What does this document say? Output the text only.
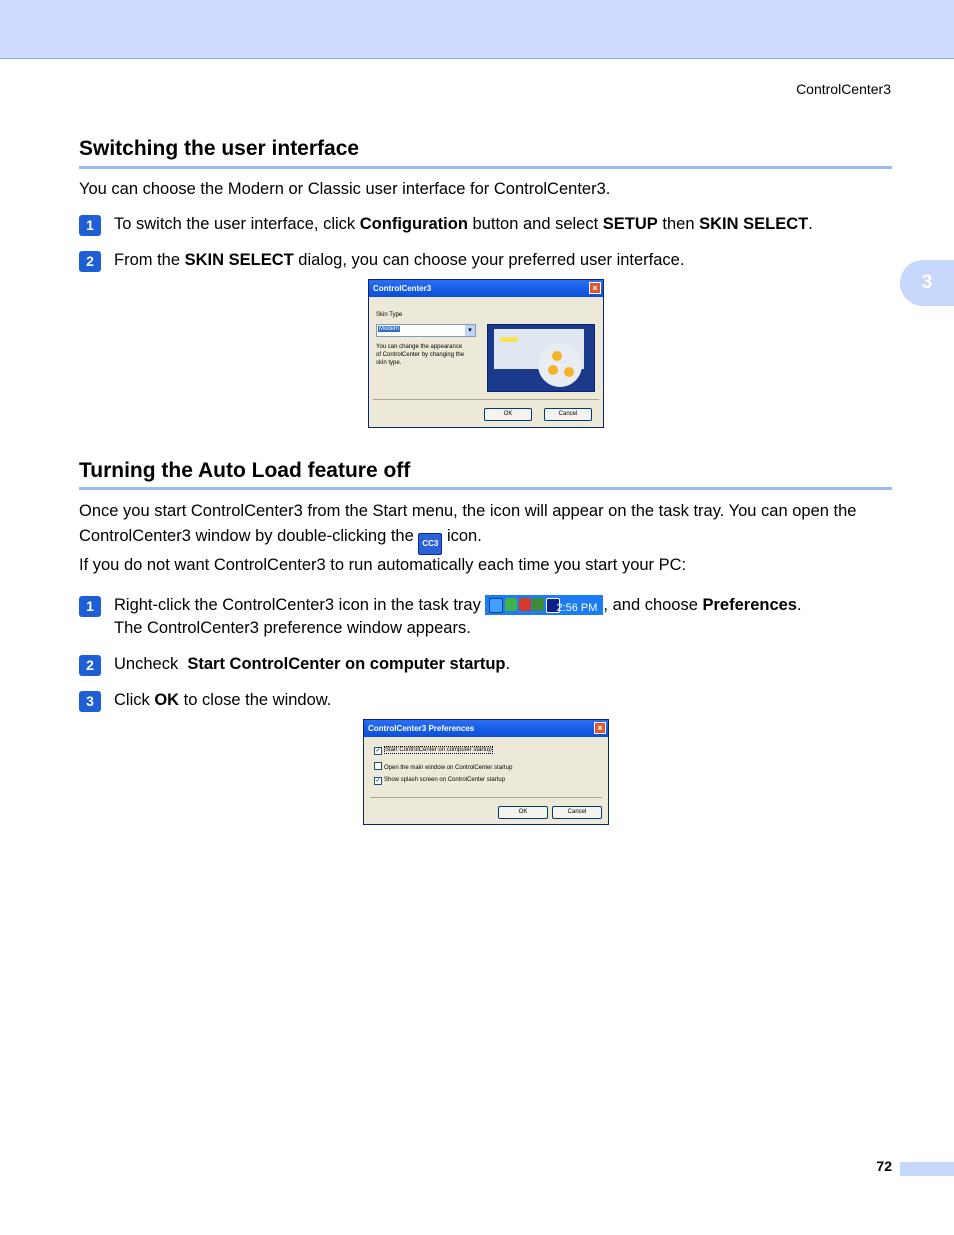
ControlCenter3
3
Switching the user interface
You can choose the Modern or Classic user interface for ControlCenter3.
1	To switch the user interface, click Configuration button and select SETUP then SKIN SELECT.
2	From the SKIN SELECT dialog, you can choose your preferred user interface.
ControlCenter3	×
Skin Type
Modern	▾
You can change the appearance
of ControlCenter by changing the
skin type.
OK	Cancel
Turning the Auto Load feature off
Once you start ControlCenter3 from the Start menu, the icon will appear on the task tray. You can open the
ControlCenter3 window by double-clicking the CC3 icon.
If you do not want ControlCenter3 to run automatically each time you start your PC:
1	Right-click the ControlCenter3 icon in the task tray	2:56 PM , and choose Preferences.
The ControlCenter3 preference window appears.
2	Uncheck  Start ControlCenter on computer startup.
3	Click OK to close the window.
ControlCenter3 Preferences	×
✓ Start ControlCenter on computer startup
Open the main window on ControlCenter startup
✓ Show splash screen on ControlCenter startup
OK	Cancel
72
